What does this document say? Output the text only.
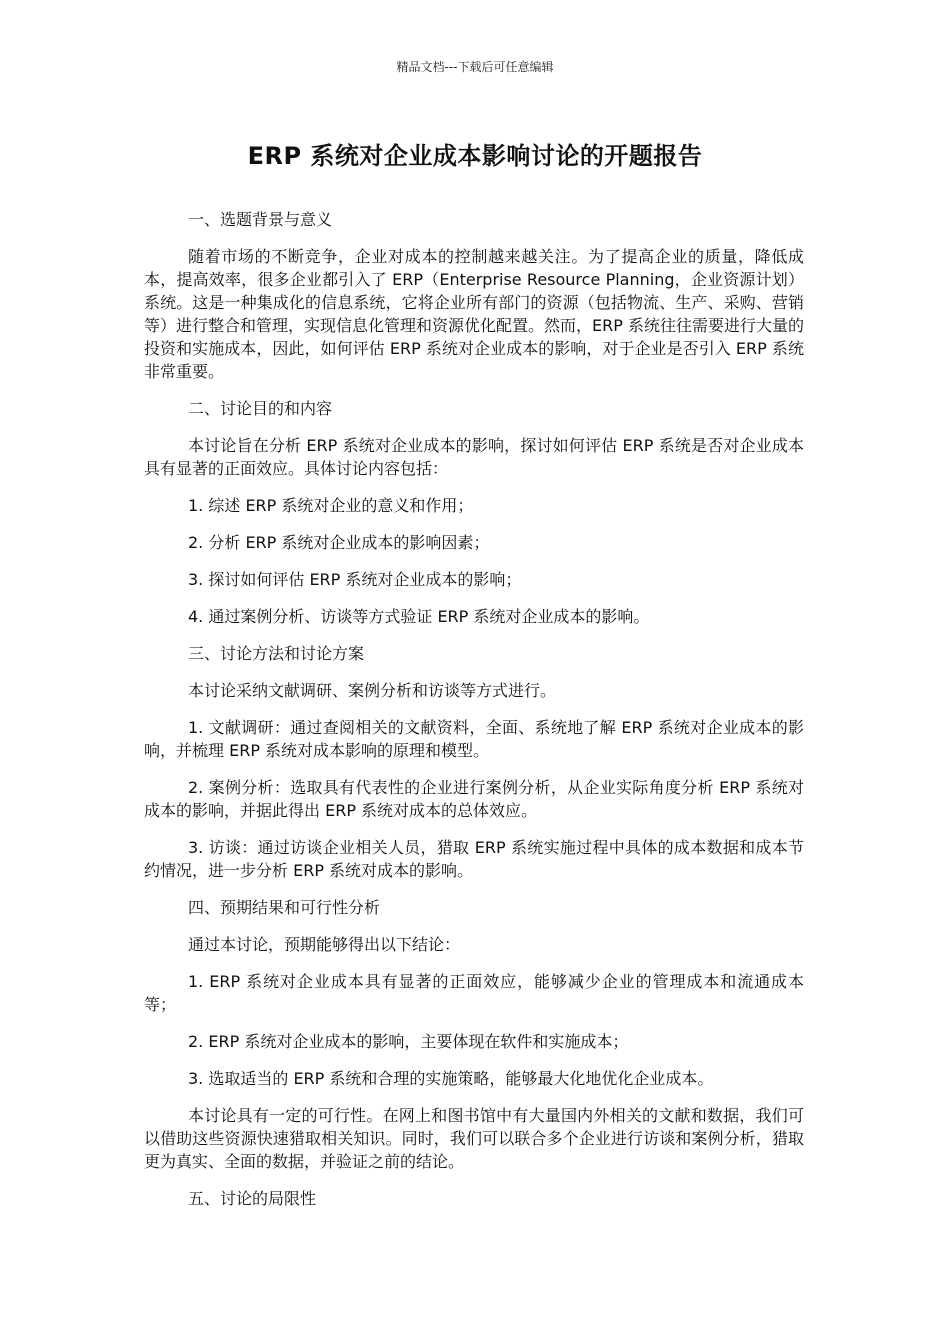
精品文档---下载后可任意编辑
ERP 系统对企业成本影响讨论的开题报告

一、选题背景与意义

随着市场的不断竞争，企业对成本的控制越来越关注。为了提高企业的质量，降低成本，提高效率，很多企业都引入了 ERP（Enterprise Resource Planning，企业资源计划）系统。这是一种集成化的信息系统，它将企业所有部门的资源（包括物流、生产、采购、营销等）进行整合和管理，实现信息化管理和资源优化配置。然而，ERP 系统往往需要进行大量的投资和实施成本，因此，如何评估 ERP 系统对企业成本的影响，对于企业是否引入 ERP 系统非常重要。

二、讨论目的和内容

本讨论旨在分析 ERP 系统对企业成本的影响，探讨如何评估 ERP 系统是否对企业成本具有显著的正面效应。具体讨论内容包括：

1. 综述 ERP 系统对企业的意义和作用；

2. 分析 ERP 系统对企业成本的影响因素；

3. 探讨如何评估 ERP 系统对企业成本的影响；

4. 通过案例分析、访谈等方式验证 ERP 系统对企业成本的影响。

三、讨论方法和讨论方案

本讨论采纳文献调研、案例分析和访谈等方式进行。

1. 文献调研：通过查阅相关的文献资料，全面、系统地了解 ERP 系统对企业成本的影响，并梳理 ERP 系统对成本影响的原理和模型。

2. 案例分析：选取具有代表性的企业进行案例分析，从企业实际角度分析 ERP 系统对成本的影响，并据此得出 ERP 系统对成本的总体效应。

3. 访谈：通过访谈企业相关人员，猎取 ERP 系统实施过程中具体的成本数据和成本节约情况，进一步分析 ERP 系统对成本的影响。

四、预期结果和可行性分析

通过本讨论，预期能够得出以下结论：

1. ERP 系统对企业成本具有显著的正面效应，能够减少企业的管理成本和流通成本等；

2. ERP 系统对企业成本的影响，主要体现在软件和实施成本；

3. 选取适当的 ERP 系统和合理的实施策略，能够最大化地优化企业成本。

本讨论具有一定的可行性。在网上和图书馆中有大量国内外相关的文献和数据，我们可以借助这些资源快速猎取相关知识。同时，我们可以联合多个企业进行访谈和案例分析，猎取更为真实、全面的数据，并验证之前的结论。

五、讨论的局限性
